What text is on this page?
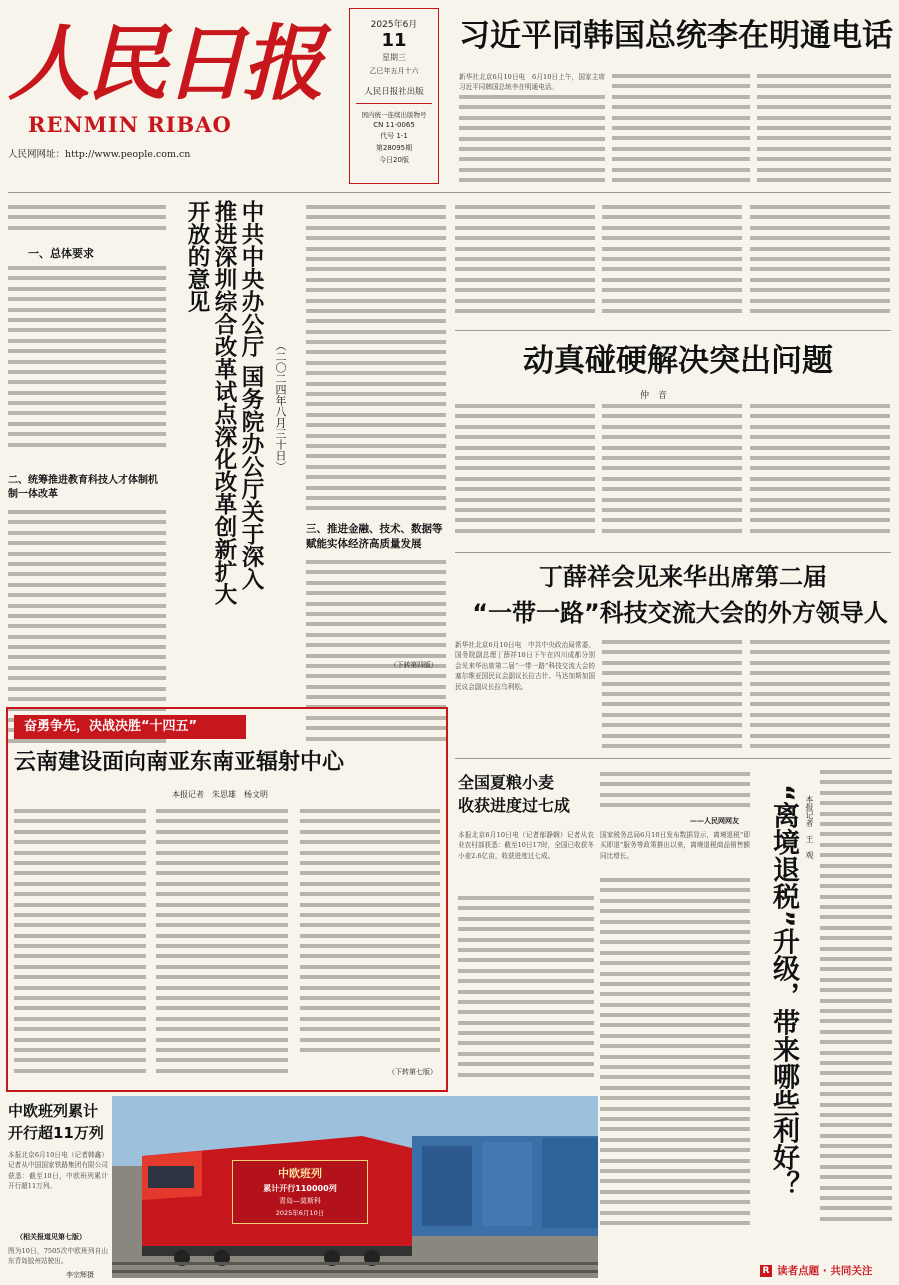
人民日报
RENMIN RIBAO
人民网网址：http://www.people.com.cn
2025年6月
11
星期三
乙巳年五月十六
人民日报社出版
国内统一连续出版物号
CN 11-0065
代号 1-1
第28095期
今日20版
习近平同韩国总统李在明通电话
新华社北京6月10日电　6月10日上午，国家主席习近平同韩国总统李在明通电话。
一、总体要求
二、统筹推进教育科技人才体制机制一体改革	中共中央办公厅 国务院办公厅关于深入推进深圳综合改革试点深化改革创新扩大开放的意见
（二〇二四年八月三十日）
三、推进金融、技术、数据等赋能实体经济高质量发展
（下转第四版）
动真碰硬解决突出问题
仲　音
丁薛祥会见来华出席第二届
“一带一路”科技交流大会的外方领导人
新华社北京6月10日电　中共中央政治局常委、国务院副总理丁薛祥10日下午在四川成都分别会见来华出席第二届“一带一路”科技交流大会的塞尔维亚国民议会副议长拉古什、马达加斯加国民议会副议长拉乌利松。
奋勇争先，决战决胜“十四五”
云南建设面向南亚东南亚辐射中心
本报记者　朱思雄　杨文明
（下转第七版）
全国夏粮小麦
收获进度过七成
本报北京6月10日电（记者郁静娴）记者从农业农村部获悉：截至10日17时，全国已收获冬小麦2.6亿亩，收获进度过七成。
——人民网网友
国家税务总局6月10日发布数据显示，离境退税“即买即退”服务等政策推出以来，离境退税商品销售额同比增长。	“离境退税”升级，带来哪些利好？ 本报记者　王　观
中欧班列累计
开行超11万列
本报北京6月10日电（记者韩鑫）记者从中国国家铁路集团有限公司获悉：截至10日，中欧班列累计开行超11万列。
（相关报道见第七版）
图为10日，7505次中欧班列自山东青岛胶州站驶出。
李宗辉摄
中欧班列
累计开行110000列
青岛—莫斯科
2025年6月10日
R 读者点题 · 共同关注
